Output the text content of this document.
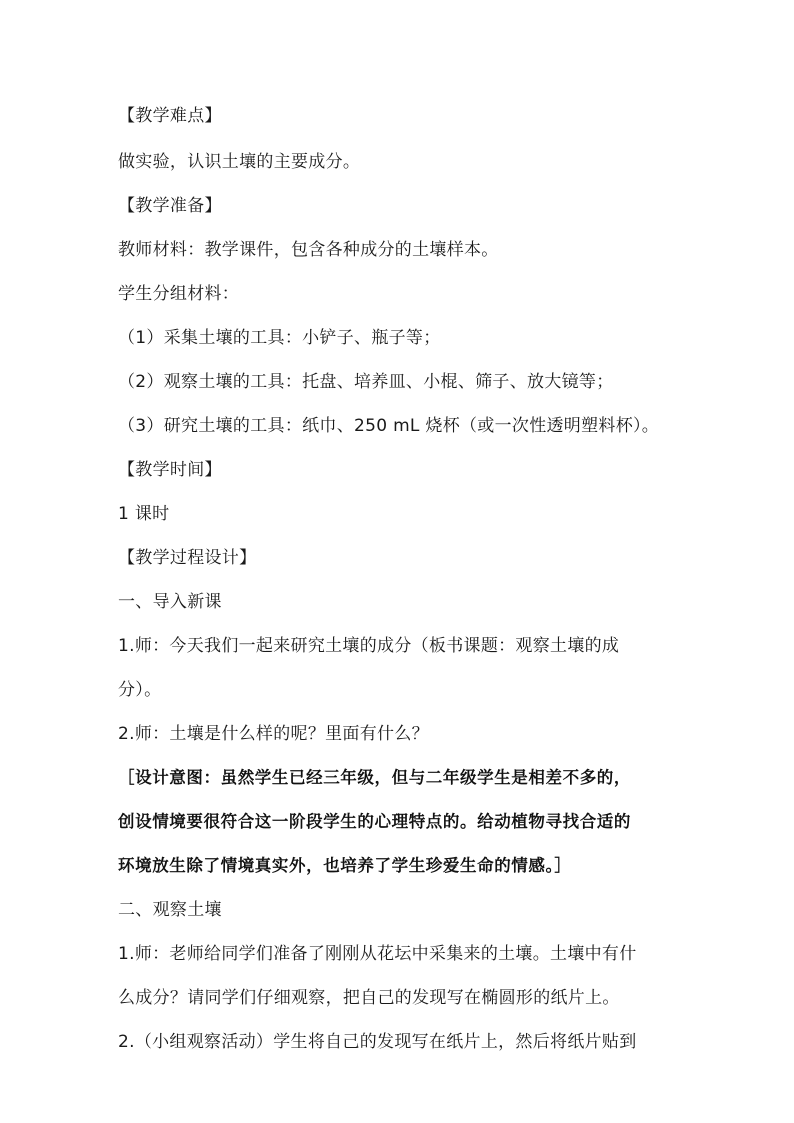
【教学难点】
做实验，认识土壤的主要成分。
【教学准备】
教师材料：教学课件，包含各种成分的土壤样本。
学生分组材料：
（1）采集土壤的工具：小铲子、瓶子等；
（2）观察土壤的工具：托盘、培养皿、小棍、筛子、放大镜等；
（3）研究土壤的工具：纸巾、250 mL 烧杯（或一次性透明塑料杯）。
【教学时间】
1 课时
【教学过程设计】
一、导入新课
1.师：今天我们一起来研究土壤的成分（板书课题：观察土壤的成
分）。
2.师：土壤是什么样的呢？里面有什么？
［设计意图：虽然学生已经三年级，但与二年级学生是相差不多的，
创设情境要很符合这一阶段学生的心理特点的。给动植物寻找合适的
环境放生除了情境真实外，也培养了学生珍爱生命的情感。］
二、观察土壤
1.师：老师给同学们准备了刚刚从花坛中采集来的土壤。土壤中有什
么成分？请同学们仔细观察，把自己的发现写在椭圆形的纸片上。
2.（小组观察活动）学生将自己的发现写在纸片上，然后将纸片贴到
